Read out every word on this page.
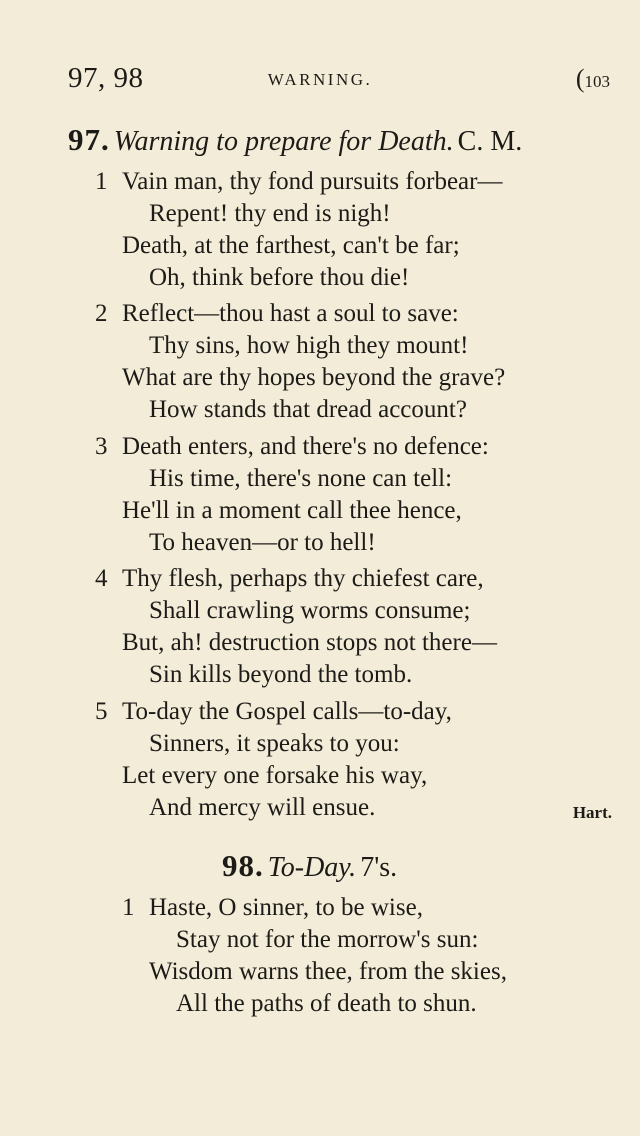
97, 98	WARNING.	(103
97. Warning to prepare for Death. C. M.
1 Vain man, thy fond pursuits forbear—
Repent! thy end is nigh!
Death, at the farthest, can't be far;
Oh, think before thou die!
2 Reflect—thou hast a soul to save:
Thy sins, how high they mount!
What are thy hopes beyond the grave?
How stands that dread account?
3 Death enters, and there's no defence:
His time, there's none can tell:
He'll in a moment call thee hence,
To heaven—or to hell!
4 Thy flesh, perhaps thy chiefest care,
Shall crawling worms consume;
But, ah! destruction stops not there—
Sin kills beyond the tomb.
5 To-day the Gospel calls—to-day,
Sinners, it speaks to you:
Let every one forsake his way,
And mercy will ensue.	Hart.
98. To-Day. 7's.
1 Haste, O sinner, to be wise,
Stay not for the morrow's sun:
Wisdom warns thee, from the skies,
All the paths of death to shun.
